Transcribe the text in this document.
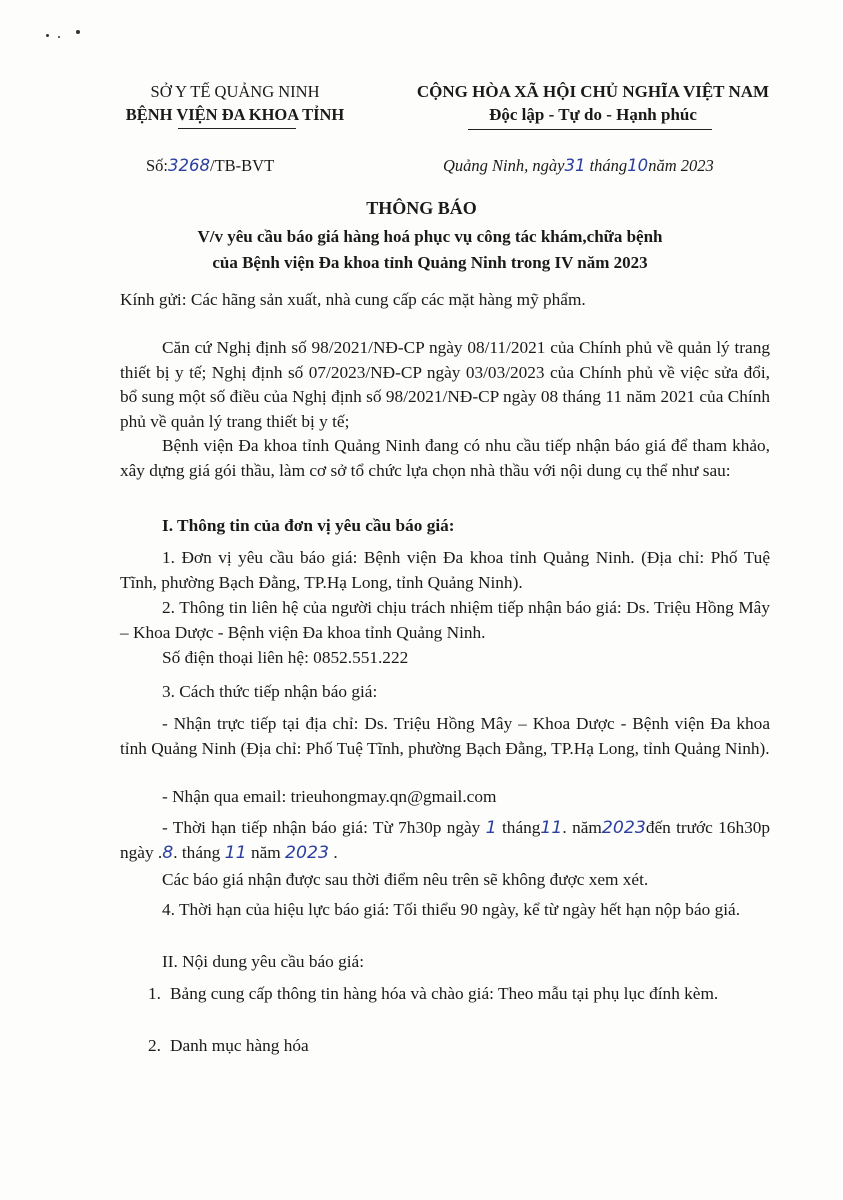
SỞ Y TẾ QUẢNG NINH
BỆNH VIỆN ĐA KHOA TỈNH
CỘNG HÒA XÃ HỘI CHỦ NGHĨA VIỆT NAM
Độc lập - Tự do - Hạnh phúc
Số:3268/TB-BVT	Quảng Ninh, ngày31 tháng10năm 2023
THÔNG BÁO
V/v yêu cầu báo giá hàng hoá phục vụ công tác khám,chữa bệnh
của Bệnh viện Đa khoa tỉnh Quảng Ninh trong IV năm 2023
Kính gửi: Các hãng sản xuất, nhà cung cấp các mặt hàng mỹ phẩm.
Căn cứ Nghị định số 98/2021/NĐ-CP ngày 08/11/2021 của Chính phủ về quản lý trang thiết bị y tế; Nghị định số 07/2023/NĐ-CP ngày 03/03/2023 của Chính phủ về việc sửa đổi, bổ sung một số điều của Nghị định số 98/2021/NĐ-CP ngày 08 tháng 11 năm 2021 của Chính phủ về quản lý trang thiết bị y tế;
Bệnh viện Đa khoa tỉnh Quảng Ninh đang có nhu cầu tiếp nhận báo giá để tham khảo, xây dựng giá gói thầu, làm cơ sở tổ chức lựa chọn nhà thầu với nội dung cụ thể như sau:
I. Thông tin của đơn vị yêu cầu báo giá:
1. Đơn vị yêu cầu báo giá: Bệnh viện Đa khoa tỉnh Quảng Ninh. (Địa chỉ: Phố Tuệ Tĩnh, phường Bạch Đằng, TP.Hạ Long, tỉnh Quảng Ninh).
2. Thông tin liên hệ của người chịu trách nhiệm tiếp nhận báo giá: Ds. Triệu Hồng Mây – Khoa Dược - Bệnh viện Đa khoa tỉnh Quảng Ninh.
Số điện thoại liên hệ: 0852.551.222
3. Cách thức tiếp nhận báo giá:
- Nhận trực tiếp tại địa chỉ: Ds. Triệu Hồng Mây – Khoa Dược - Bệnh viện Đa khoa tỉnh Quảng Ninh (Địa chỉ: Phố Tuệ Tĩnh, phường Bạch Đằng, TP.Hạ Long, tỉnh Quảng Ninh).
- Nhận qua email: trieuhongmay.qn@gmail.com
- Thời hạn tiếp nhận báo giá: Từ 7h30p ngày 1 tháng11. năm2023đến trước 16h30p ngày .8. tháng 11 năm 2023 .
Các báo giá nhận được sau thời điểm nêu trên sẽ không được xem xét.
4. Thời hạn của hiệu lực báo giá: Tối thiểu 90 ngày, kể từ ngày hết hạn nộp báo giá.
II. Nội dung yêu cầu báo giá:
1. Bảng cung cấp thông tin hàng hóa và chào giá: Theo mẫu tại phụ lục đính kèm.
2. Danh mục hàng hóa
